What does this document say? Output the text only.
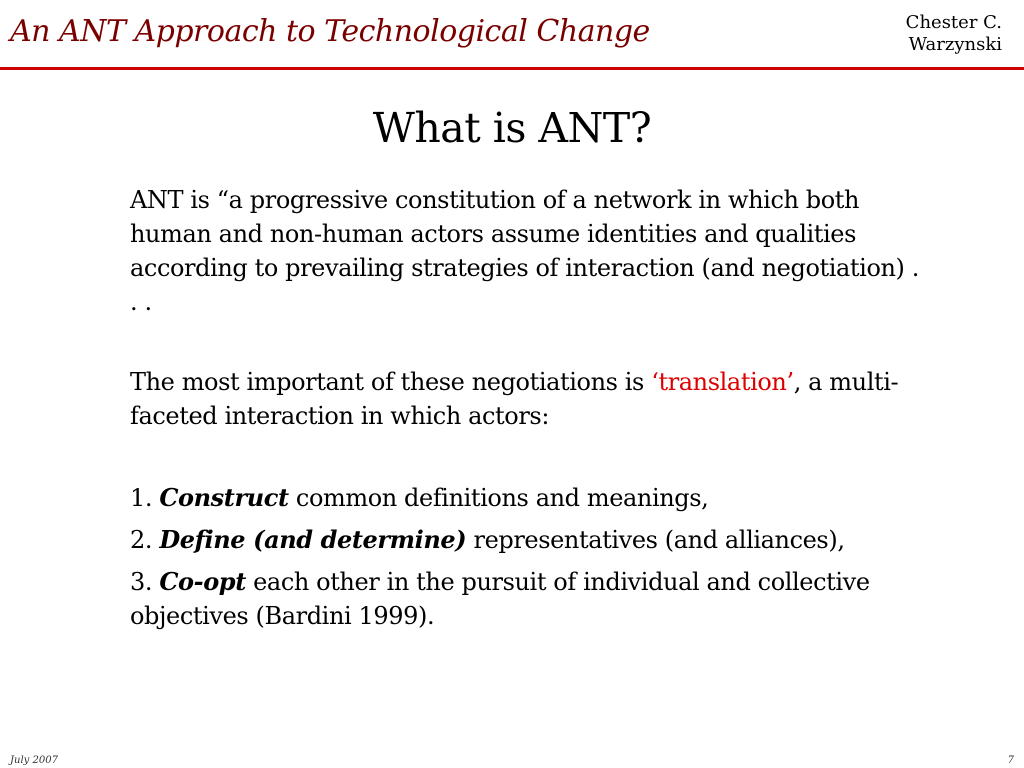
An ANT Approach to Technological Change	Chester C.
Warzynski
What is ANT?

ANT is “a progressive constitution of a network in which both human and non-human actors assume identities and qualities according to prevailing strategies of interaction (and negotiation) . . .

The most important of these negotiations is ‘translation’, a multi-faceted interaction in which actors:

1. Construct common definitions and meanings,

2. Define (and determine) representatives (and alliances),

3. Co-opt each other in the pursuit of individual and collective objectives (Bardini 1999).

July 2007	7
